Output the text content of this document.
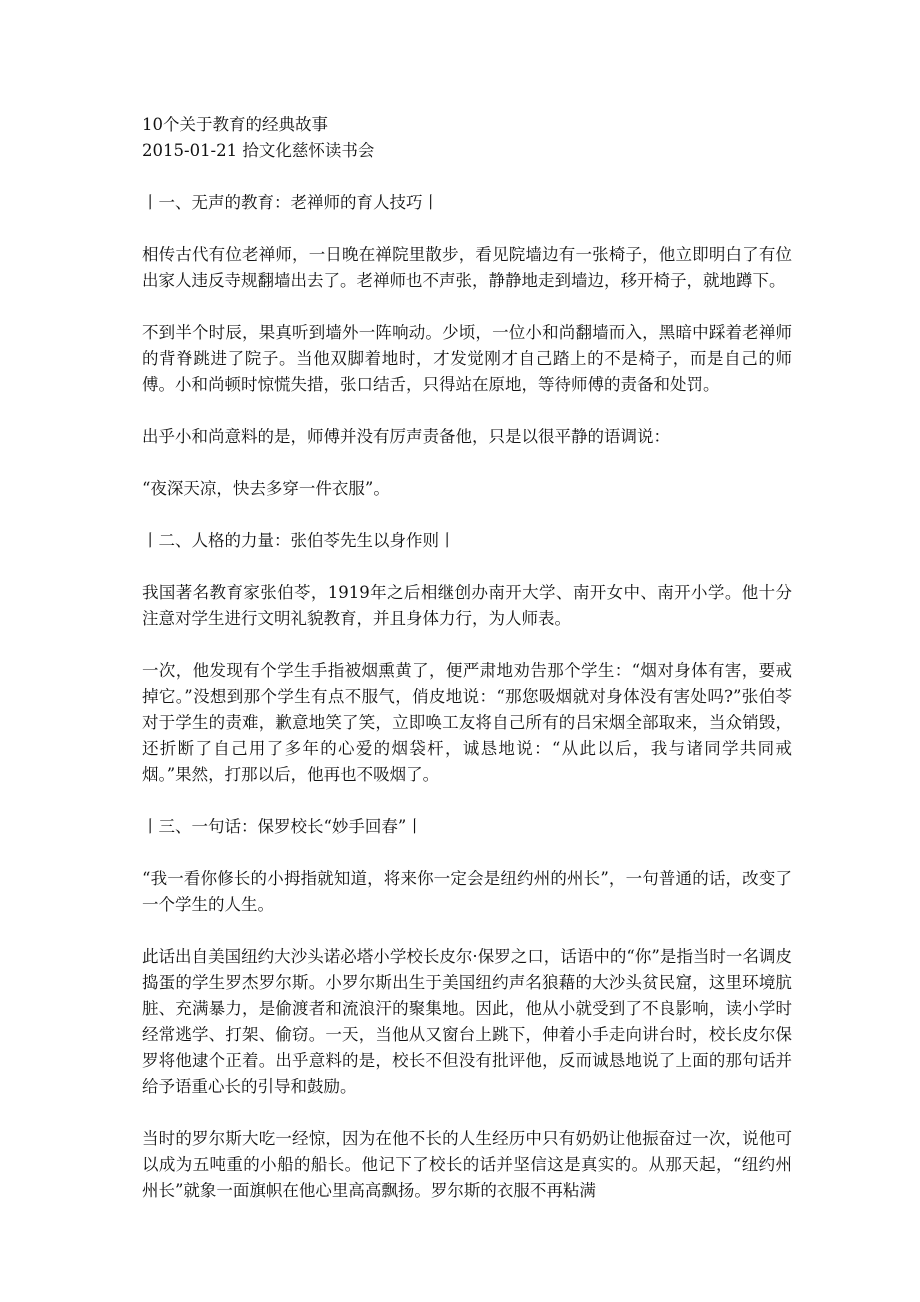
10个关于教育的经典故事
2015-01-21 拾文化慈怀读书会
丨一、无声的教育：老禅师的育人技巧丨

相传古代有位老禅师，一日晚在禅院里散步，看见院墙边有一张椅子，他立即明白了有位出家人违反寺规翻墙出去了。老禅师也不声张，静静地走到墙边，移开椅子，就地蹲下。

不到半个时辰，果真听到墙外一阵响动。少顷，一位小和尚翻墙而入，黑暗中踩着老禅师的背脊跳进了院子。当他双脚着地时，才发觉刚才自己踏上的不是椅子，而是自己的师傅。小和尚顿时惊慌失措，张口结舌，只得站在原地，等待师傅的责备和处罚。

出乎小和尚意料的是，师傅并没有厉声责备他，只是以很平静的语调说：

“夜深天凉，快去多穿一件衣服”。

丨二、人格的力量：张伯苓先生以身作则丨

我国著名教育家张伯苓，1919年之后相继创办南开大学、南开女中、南开小学。他十分注意对学生进行文明礼貌教育，并且身体力行，为人师表。

一次，他发现有个学生手指被烟熏黄了，便严肃地劝告那个学生：“烟对身体有害，要戒掉它。”没想到那个学生有点不服气，俏皮地说：“那您吸烟就对身体没有害处吗?”张伯苓对于学生的责难，歉意地笑了笑，立即唤工友将自己所有的吕宋烟全部取来，当众销毁，还折断了自己用了多年的心爱的烟袋杆，诚恳地说：“从此以后，我与诸同学共同戒烟。”果然，打那以后，他再也不吸烟了。

丨三、一句话：保罗校长“妙手回春”丨

“我一看你修长的小拇指就知道，将来你一定会是纽约州的州长”，一句普通的话，改变了一个学生的人生。

此话出自美国纽约大沙头诺必塔小学校长皮尔·保罗之口，话语中的“你”是指当时一名调皮捣蛋的学生罗杰罗尔斯。小罗尔斯出生于美国纽约声名狼藉的大沙头贫民窟，这里环境肮脏、充满暴力，是偷渡者和流浪汗的聚集地。因此，他从小就受到了不良影响，读小学时经常逃学、打架、偷窃。一天，当他从又窗台上跳下，伸着小手走向讲台时，校长皮尔保罗将他逮个正着。出乎意料的是，校长不但没有批评他，反而诚恳地说了上面的那句话并给予语重心长的引导和鼓励。

当时的罗尔斯大吃一经惊，因为在他不长的人生经历中只有奶奶让他振奋过一次，说他可以成为五吨重的小船的船长。他记下了校长的话并坚信这是真实的。从那天起，“纽约州州长”就象一面旗帜在他心里高高飘扬。罗尔斯的衣服不再粘满
